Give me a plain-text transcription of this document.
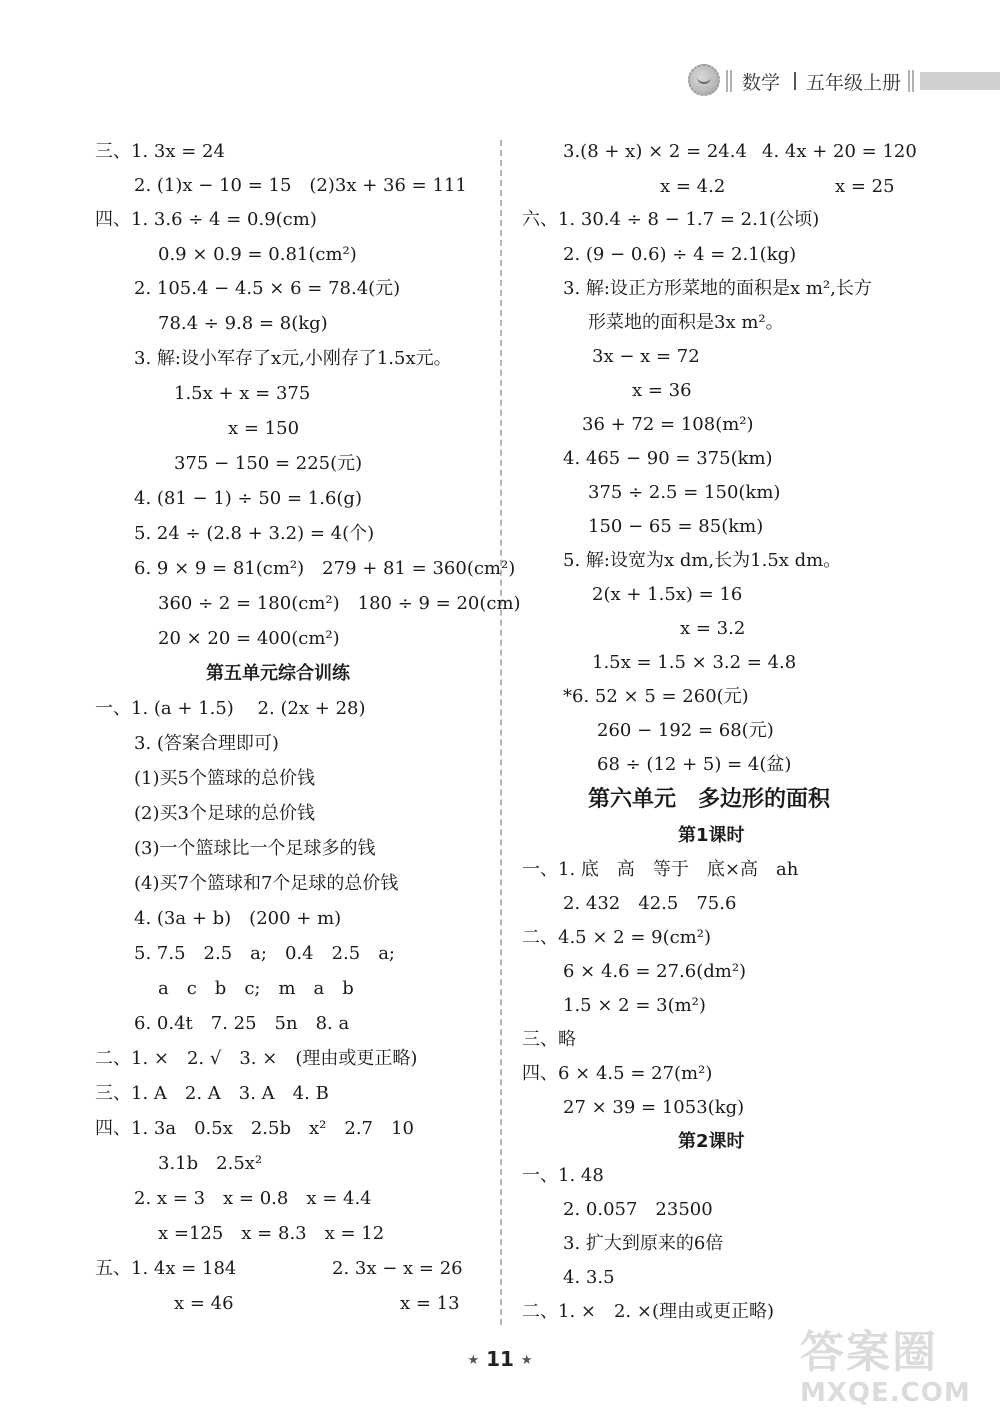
数学 五年级上册
三、1. 3x = 24
2. (1)x − 10 = 15　(2)3x + 36 = 111
四、1. 3.6 ÷ 4 = 0.9(cm)
0.9 × 0.9 = 0.81(cm²)
2. 105.4 − 4.5 × 6 = 78.4(元)
78.4 ÷ 9.8 = 8(kg)
3. 解:设小军存了x元,小刚存了1.5x元。
1.5x + x = 375
x = 150
375 − 150 = 225(元)
4. (81 − 1) ÷ 50 = 1.6(g)
5. 24 ÷ (2.8 + 3.2) = 4(个)
6. 9 × 9 = 81(cm²)　279 + 81 = 360(cm²)
360 ÷ 2 = 180(cm²)　180 ÷ 9 = 20(cm)
20 × 20 = 400(cm²)
第五单元综合训练
一、1. (a + 1.5)　 2. (2x + 28)
3. (答案合理即可)
(1)买5个篮球的总价钱
(2)买3个足球的总价钱
(3)一个篮球比一个足球多的钱
(4)买7个篮球和7个足球的总价钱
4. (3a + b)　(200 + m)
5. 7.5　2.5　a;　0.4　2.5　a;
a　c　b　c;　m　a　b
6. 0.4t　7. 25　5n　8. a
二、1. ×　2. √　3. ×　(理由或更正略)
三、1. A　2. A　3. A　4. B
四、1. 3a　0.5x　2.5b　x²　2.7　10
3.1b　2.5x²
2. x = 3　x = 0.8　x = 4.4
x =125　x = 8.3　x = 12
五、1. 4x = 184	2. 3x − x = 26
x = 46	x = 13
3.(8 + x) × 2 = 24.4 4. 4x + 20 = 120
x = 4.2	x = 25
六、1. 30.4 ÷ 8 − 1.7 = 2.1(公顷)
2. (9 − 0.6) ÷ 4 = 2.1(kg)
3. 解:设正方形菜地的面积是x m²,长方
形菜地的面积是3x m²。
3x − x = 72
x = 36
36 + 72 = 108(m²)
4. 465 − 90 = 375(km)
375 ÷ 2.5 = 150(km)
150 − 65 = 85(km)
5. 解:设宽为x dm,长为1.5x dm。
2(x + 1.5x) = 16
x = 3.2
1.5x = 1.5 × 3.2 = 4.8
*6. 52 × 5 = 260(元)
260 − 192 = 68(元)
68 ÷ (12 + 5) = 4(盆)
第六单元　多边形的面积
第1课时
一、1. 底　高　等于　底×高　ah
2. 432　42.5　75.6
二、4.5 × 2 = 9(cm²)
6 × 4.6 = 27.6(dm²)
1.5 × 2 = 3(m²)
三、略
四、6 × 4.5 = 27(m²)
27 × 39 = 1053(kg)
第2课时
一、1. 48
2. 0.057　23500
3. 扩大到原来的6倍
4. 3.5
二、1. ×　2. ×(理由或更正略)
★ 11 ★	答案圈
MXQE.COM
